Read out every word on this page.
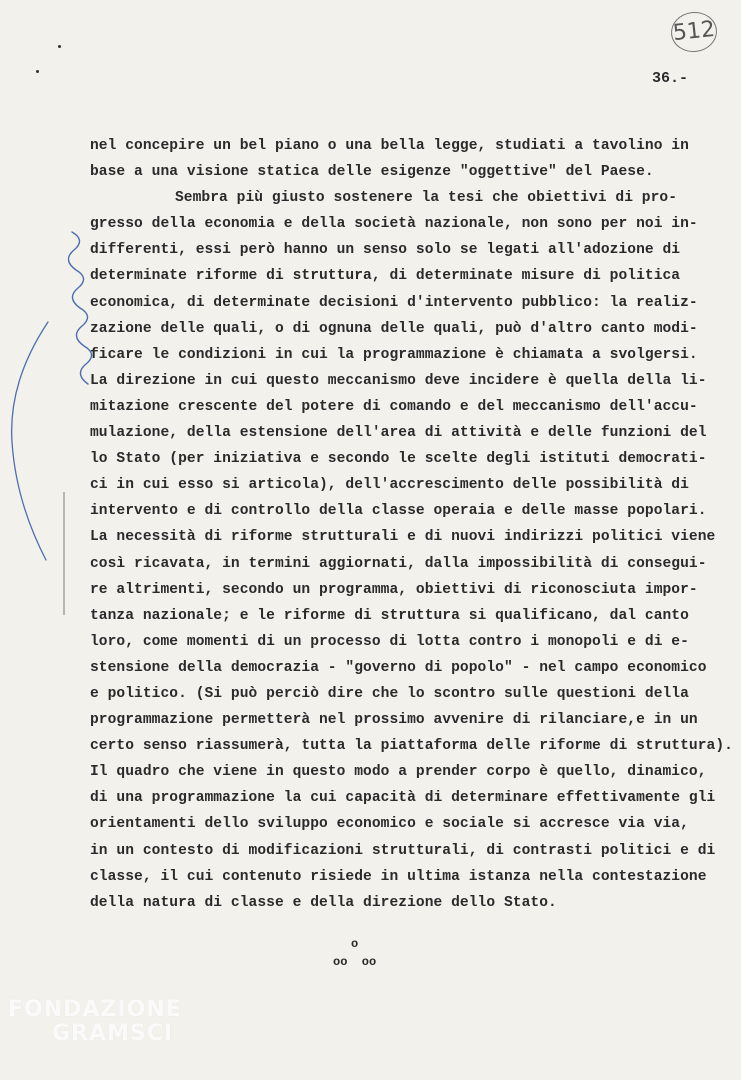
512
36.-
nel concepire un bel piano o una bella legge, studiati a tavolino in
base a una visione statica delle esigenze "oggettive" del Paese.
Sembra più giusto sostenere la tesi che obiettivi di pro-
gresso della economia e della società nazionale, non sono per noi in-
differenti, essi però hanno un senso solo se legati all'adozione di
determinate riforme di struttura, di determinate misure di politica
economica, di determinate decisioni d'intervento pubblico: la realiz-
zazione delle quali, o di ognuna delle quali, può d'altro canto modi-
ficare le condizioni in cui la programmazione è chiamata a svolgersi.
La direzione in cui questo meccanismo deve incidere è quella della li-
mitazione crescente del potere di comando e del meccanismo dell'accu-
mulazione, della estensione dell'area di attività e delle funzioni del
lo Stato (per iniziativa e secondo le scelte degli istituti democrati-
ci in cui esso si articola), dell'accrescimento delle possibilità di
intervento e di controllo della classe operaia e delle masse popolari.
La necessità di riforme strutturali e di nuovi indirizzi politici viene
così ricavata, in termini aggiornati, dalla impossibilità di consegui-
re altrimenti, secondo un programma, obiettivi di riconosciuta impor-
tanza nazionale; e le riforme di struttura si qualificano, dal canto
loro, come momenti di un processo di lotta contro i monopoli e di e-
stensione della democrazia - "governo di popolo" - nel campo economico
e politico. (Si può perciò dire che lo scontro sulle questioni della
programmazione permetterà nel prossimo avvenire di rilanciare,e in un
certo senso riassumerà, tutta la piattaforma delle riforme di struttura).
Il quadro che viene in questo modo a prender corpo è quello, dinamico,
di una programmazione la cui capacità di determinare effettivamente gli
orientamenti dello sviluppo economico e sociale si accresce via via,
in un contesto di modificazioni strutturali, di contrasti politici e di
classe, il cui contenuto risiede in ultima istanza nella contestazione
della natura di classe e della direzione dello Stato.
o
oo  oo
FONDAZIONE
GRAMSCI
